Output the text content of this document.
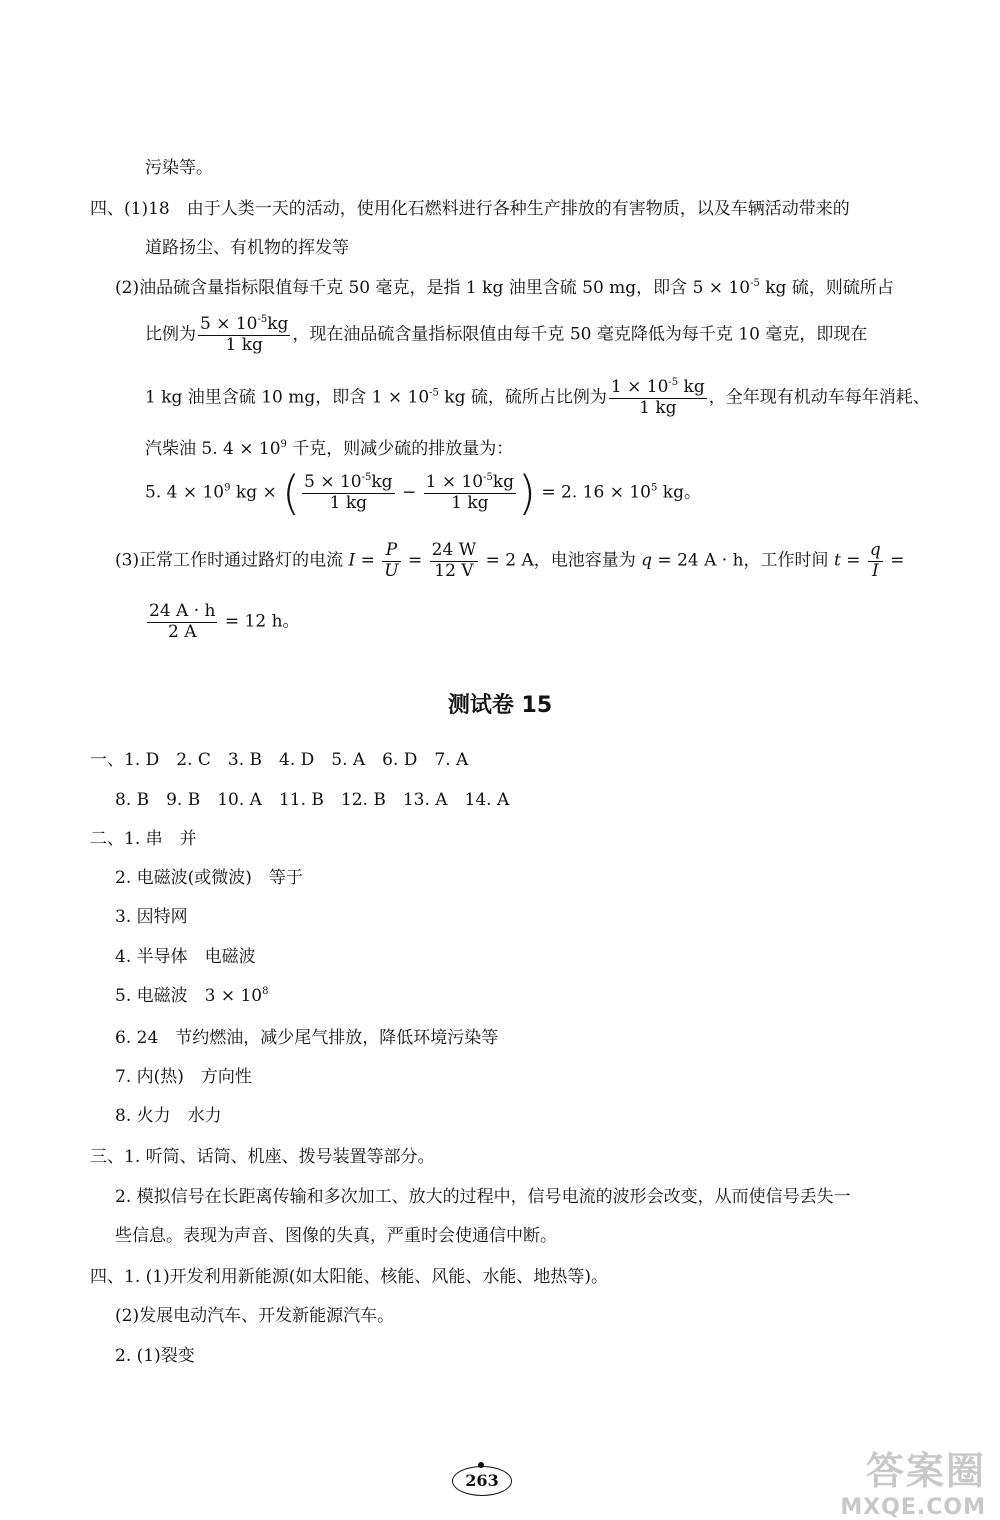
污染等。
四、(1)18　由于人类一天的活动，使用化石燃料进行各种生产排放的有害物质，以及车辆活动带来的
道路扬尘、有机物的挥发等
(2)油品硫含量指标限值每千克 50 毫克，是指 1 kg 油里含硫 50 mg，即含 $5 \times 10^{-5}$ kg 硫，则硫所占
比例为 $\frac{5 \times 10^{-5}kg}{1 kg}$ ，现在油品硫含量指标限值由每千克 50 毫克降低为每千克 10 毫克，即现在
1 kg 油里含硫 10 mg，即含 $1 \times 10^{-5}$ kg 硫，硫所占比例为 $\frac{1 \times 10^{-5} kg}{1 kg}$ ，全年现有机动车每年消耗、
汽柴油 5. $4 \times 10^9$ 千克，则减少硫的排放量为：
5. $4 \times 10^9$ kg × ( $\frac{5 \times 10^{-5}kg}{1 kg} - \frac{1 \times 10^{-5}kg}{1 kg}$ ) = 2. $16 \times 10^5$ kg。
(3)正常工作时通过路灯的电流 $I = \frac{P}{U} = \frac{24 W}{12 V} = 2$ A，电池容量为 q = 24 A · h，工作时间 $t = \frac{q}{I}$ =
$\frac{24 A \cdot h}{2 A} = 12$ h。
测试卷 15
一、1. D　2. C　3. B　4. D　5. A　6. D　7. A
8. B　9. B　10. A　11. B　12. B　13. A　14. A
二、1. 串　并
2. 电磁波(或微波)　等于
3. 因特网
4. 半导体　电磁波
5. 电磁波　$3 \times 10^8$
6. 24　节约燃油，减少尾气排放，降低环境污染等
7. 内(热)　方向性
8. 火力　水力
三、1. 听筒、话筒、机座、拨号装置等部分。
2. 模拟信号在长距离传输和多次加工、放大的过程中，信号电流的波形会改变，从而使信号丢失一
些信息。表现为声音、图像的失真，严重时会使通信中断。
四、1. (1)开发利用新能源(如太阳能、核能、风能、水能、地热等)。
(2)发展电动汽车、开发新能源汽车。
2. (1)裂变
263	答案圈
MXQE.COM
